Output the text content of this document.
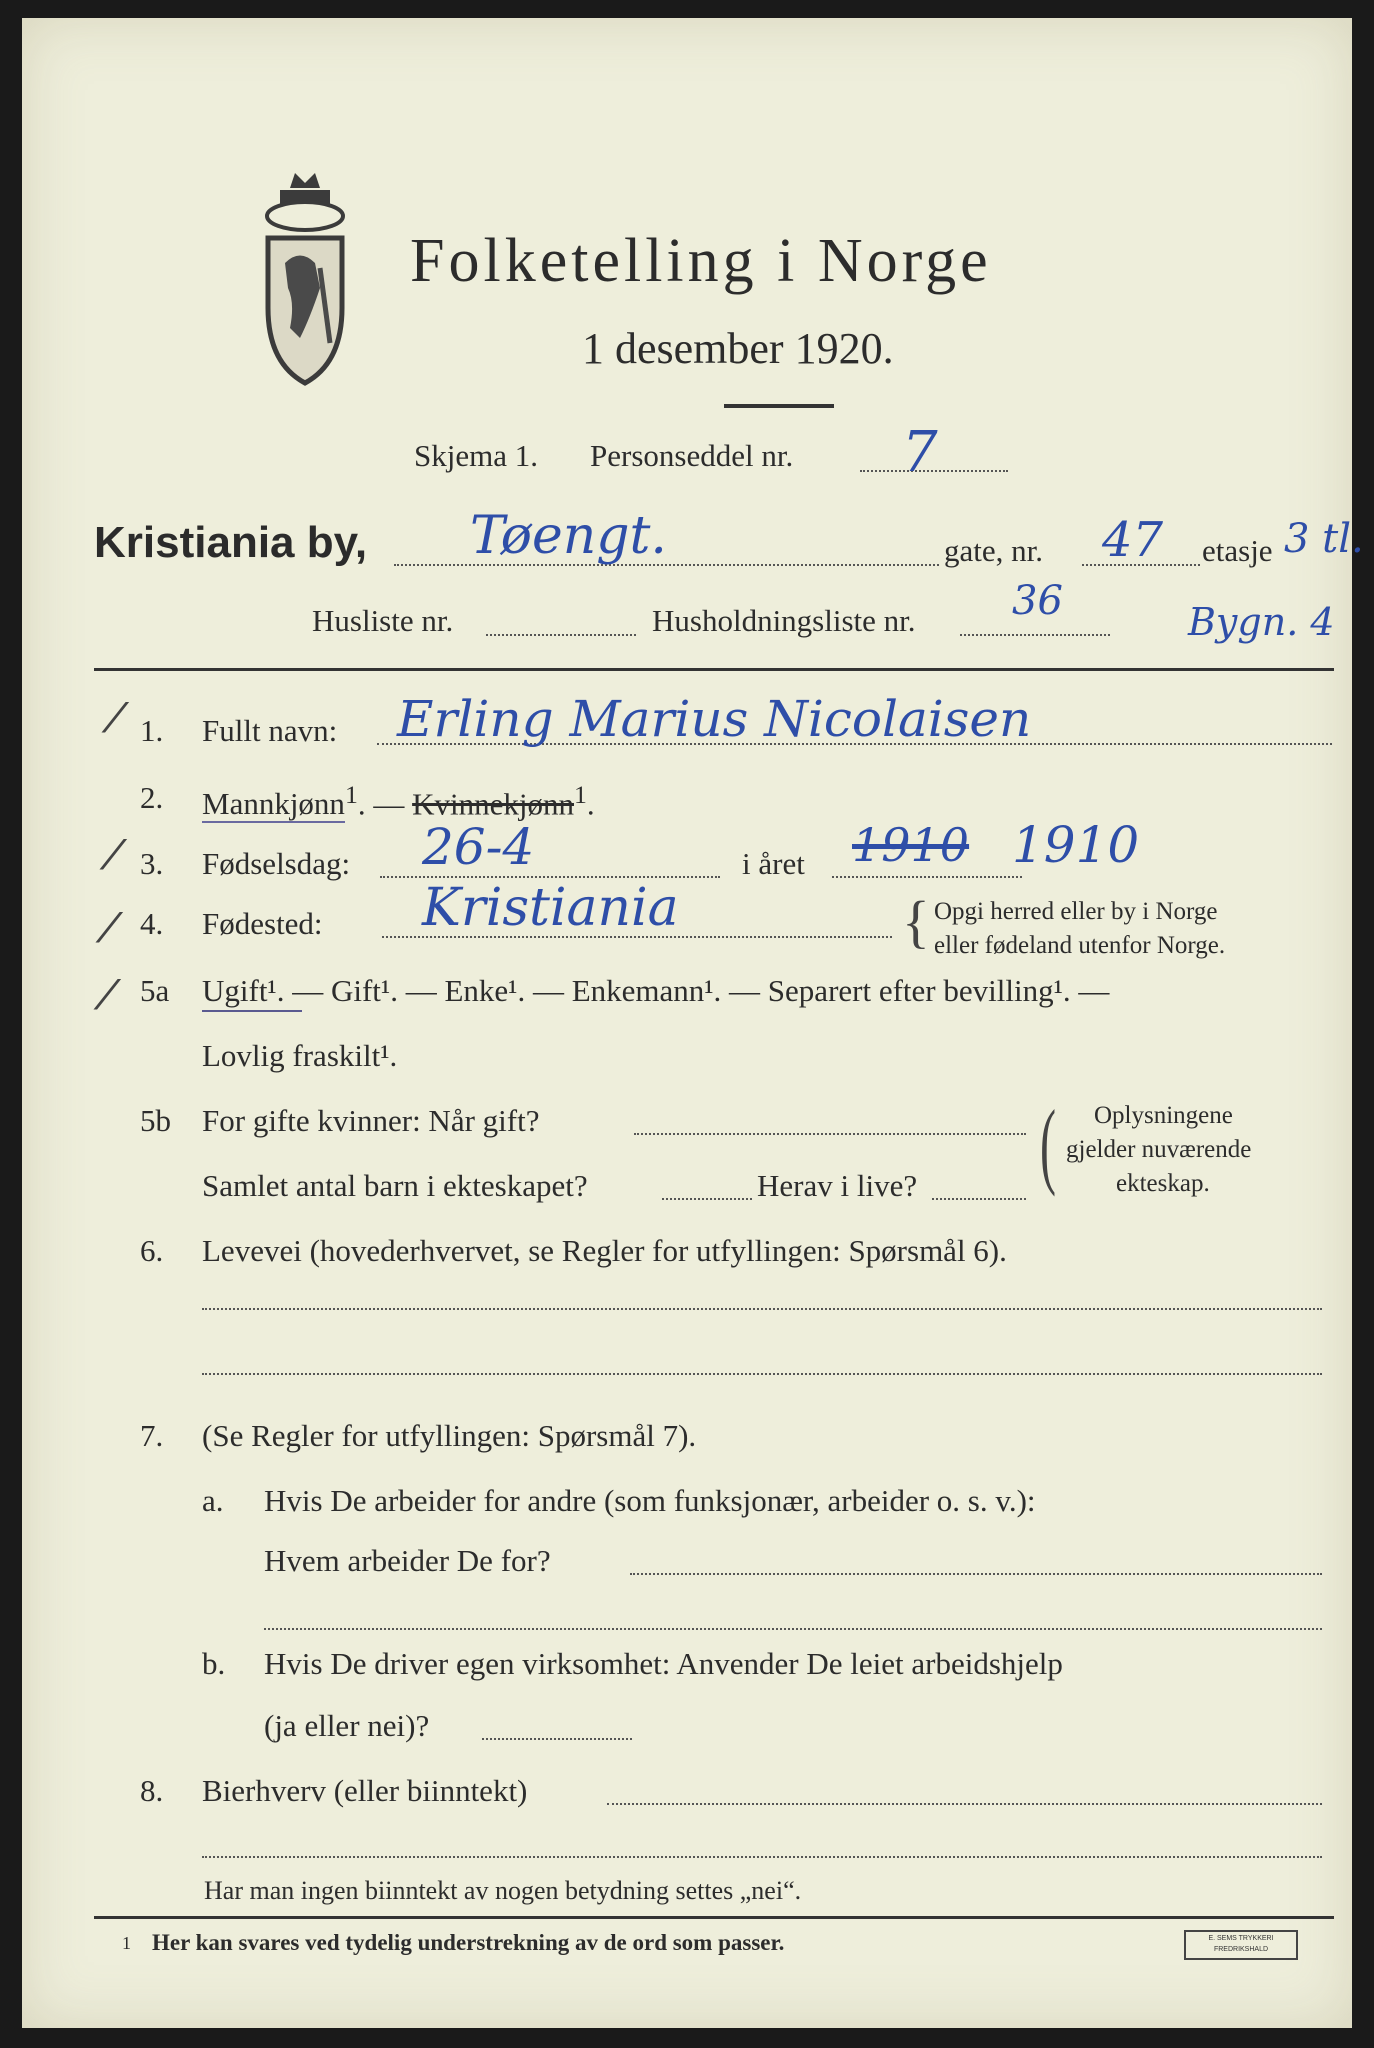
Folketelling i Norge
1 desember 1920.
Skjema 1. Personseddel nr. 7
Kristiania by, Tøengt.	gate, nr. 47 etasje 3 tl.
Husliste nr.	Husholdningsliste nr. 36	Bygn. 4
⁄ 1. Fullt navn: Erling Marius Nicolaisen
2. Mannkjønn$^1$. — Kvinnekjønn$^1$.
⁄ 3. Fødselsdag: 26-4	i året 1910 1910
⁄ 4. Fødested: Kristiania	{ Opgi herred eller by i Norge
eller fødeland utenfor Norge.
⁄ 5a Ugift¹. — Gift¹. — Enke¹. — Enkemann¹. — Separert efter bevilling¹. —
Lovlig fraskilt¹.
5b For gifte kvinner: Når gift?
Samlet antal barn i ekteskapet?	Herav i live? ( Oplysningene
gjelder nuværende
ekteskap.
6. Levevei (hovederhvervet, se Regler for utfyllingen: Spørsmål 6).
7. (Se Regler for utfyllingen: Spørsmål 7).
a. Hvis De arbeider for andre (som funksjonær, arbeider o. s. v.):
Hvem arbeider De for?
b. Hvis De driver egen virksomhet: Anvender De leiet arbeidshjelp
(ja eller nei)?
8. Bierhverv (eller biinntekt)
Har man ingen biinntekt av nogen betydning settes „nei“.
1 Her kan svares ved tydelig understrekning av de ord som passer.	E. SEMS TRYKKERI FREDRIKSHALD
